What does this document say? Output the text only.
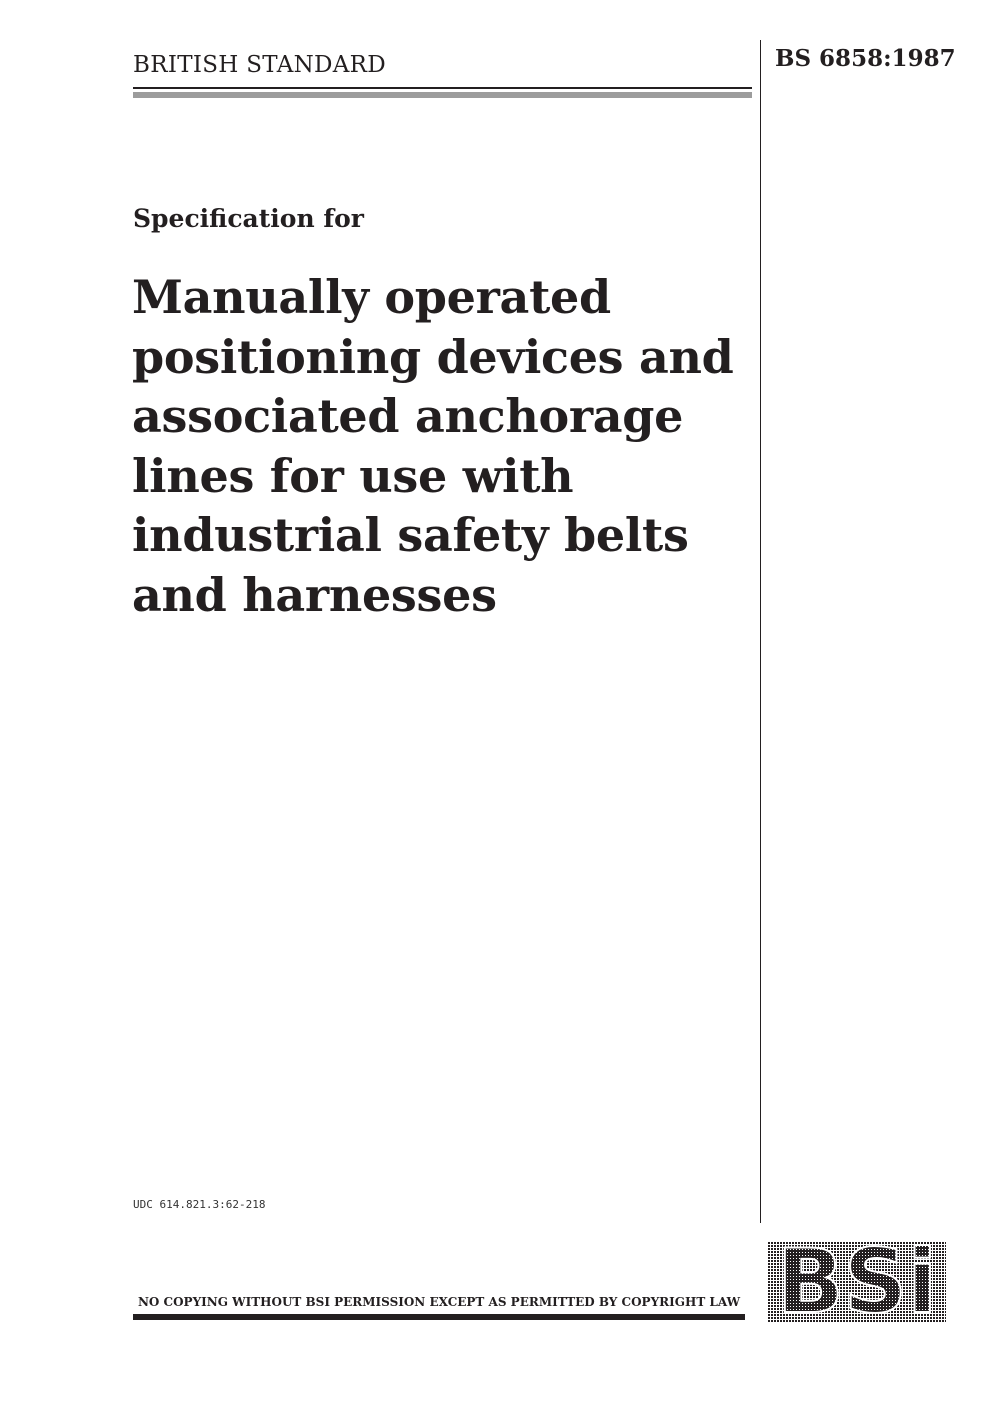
BRITISH STANDARD	BS 6858:1987
Specification for
Manually operated
positioning devices and
associated anchorage
lines for use with
industrial safety belts
and harnesses
UDC 614.821.3:62-218
NO COPYING WITHOUT BSI PERMISSION EXCEPT AS PERMITTED BY COPYRIGHT LAW BSi
